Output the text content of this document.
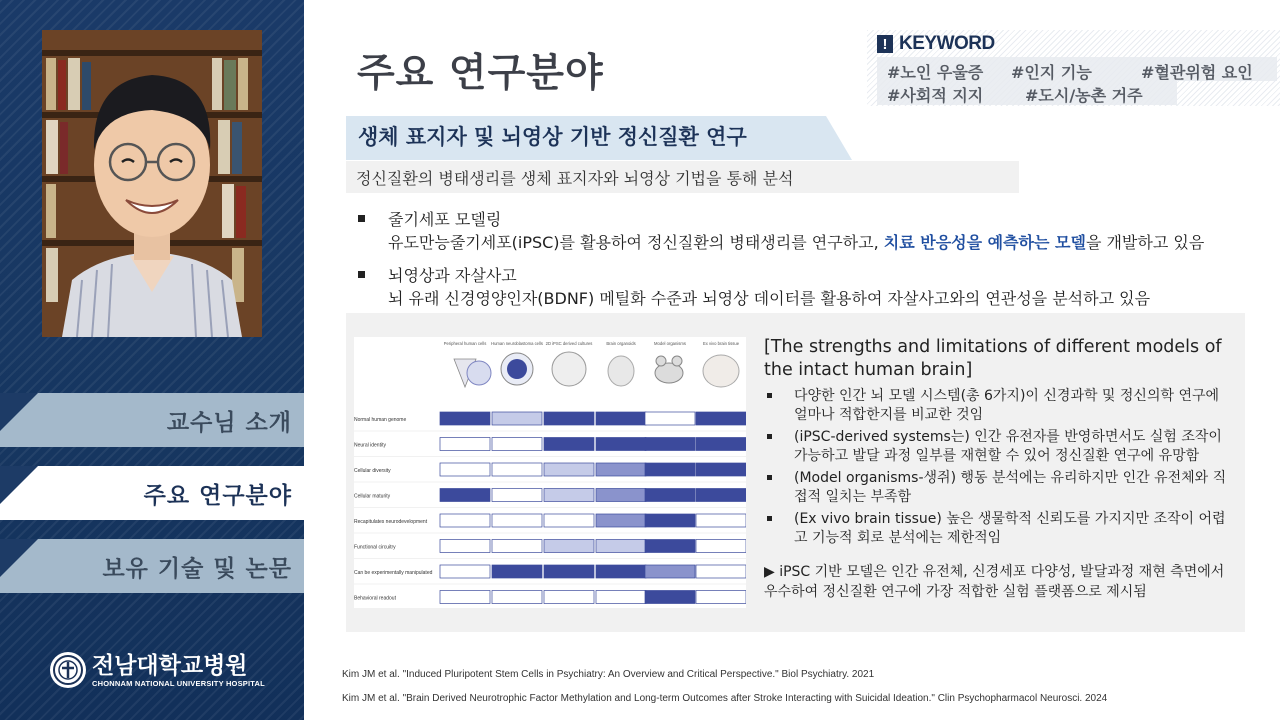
교수님 소개
주요 연구분야
보유 기술 및 논문
전남대학교병원
CHONNAM NATIONAL UNIVERSITY HOSPITAL
주요 연구분야
! KEYWORD
#노인 우울증 #인지 기능	#혈관위험 요인
#사회적 지지	#도시/농촌 거주
생체 표지자 및 뇌영상 기반 정신질환 연구
정신질환의 병태생리를 생체 표지자와 뇌영상 기법을 통해 분석
줄기세포 모델링
유도만능줄기세포(iPSC)를 활용하여 정신질환의 병태생리를 연구하고, 치료 반응성을 예측하는 모델을 개발하고 있음
뇌영상과 자살사고
뇌 유래 신경영양인자(BDNF) 메틸화 수준과 뇌영상 데이터를 활용하여 자살사고와의 연관성을 분석하고 있음
Peripheral human cells Human neuroblastoma cells 2D iPSC derived cultures	Brain organoids	Model organisms	Ex vivo brain tissue
Normal human genome
Neural identity
Cellular diversity
Cellular maturity
Recapitulates neurodevelopment
Functional circuitry
Can be experimentally manipulated
Behavioral readout
[The strengths and limitations of different models of the intact human brain]
다양한 인간 뇌 모델 시스템(총 6가지)이 신경과학 및 정신의학 연구에 얼마나 적합한지를 비교한 것임
(iPSC-derived systems는) 인간 유전자를 반영하면서도 실험 조작이 가능하고 발달 과정 일부를 재현할 수 있어 정신질환 연구에 유망함
(Model organisms-생쥐) 행동 분석에는 유리하지만 인간 유전체와 직접적 일치는 부족함
(Ex vivo brain tissue) 높은 생물학적 신뢰도를 가지지만 조작이 어렵고 기능적 회로 분석에는 제한적임
▶ iPSC 기반 모델은 인간 유전체, 신경세포 다양성, 발달과정 재현 측면에서 우수하여 정신질환 연구에 가장 적합한 실험 플랫폼으로 제시됨
Kim JM et al. "Induced Pluripotent Stem Cells in Psychiatry: An Overview and Critical Perspective." Biol Psychiatry. 2021
Kim JM et al. "Brain Derived Neurotrophic Factor Methylation and Long-term Outcomes after Stroke Interacting with Suicidal Ideation." Clin Psychopharmacol Neurosci. 2024
